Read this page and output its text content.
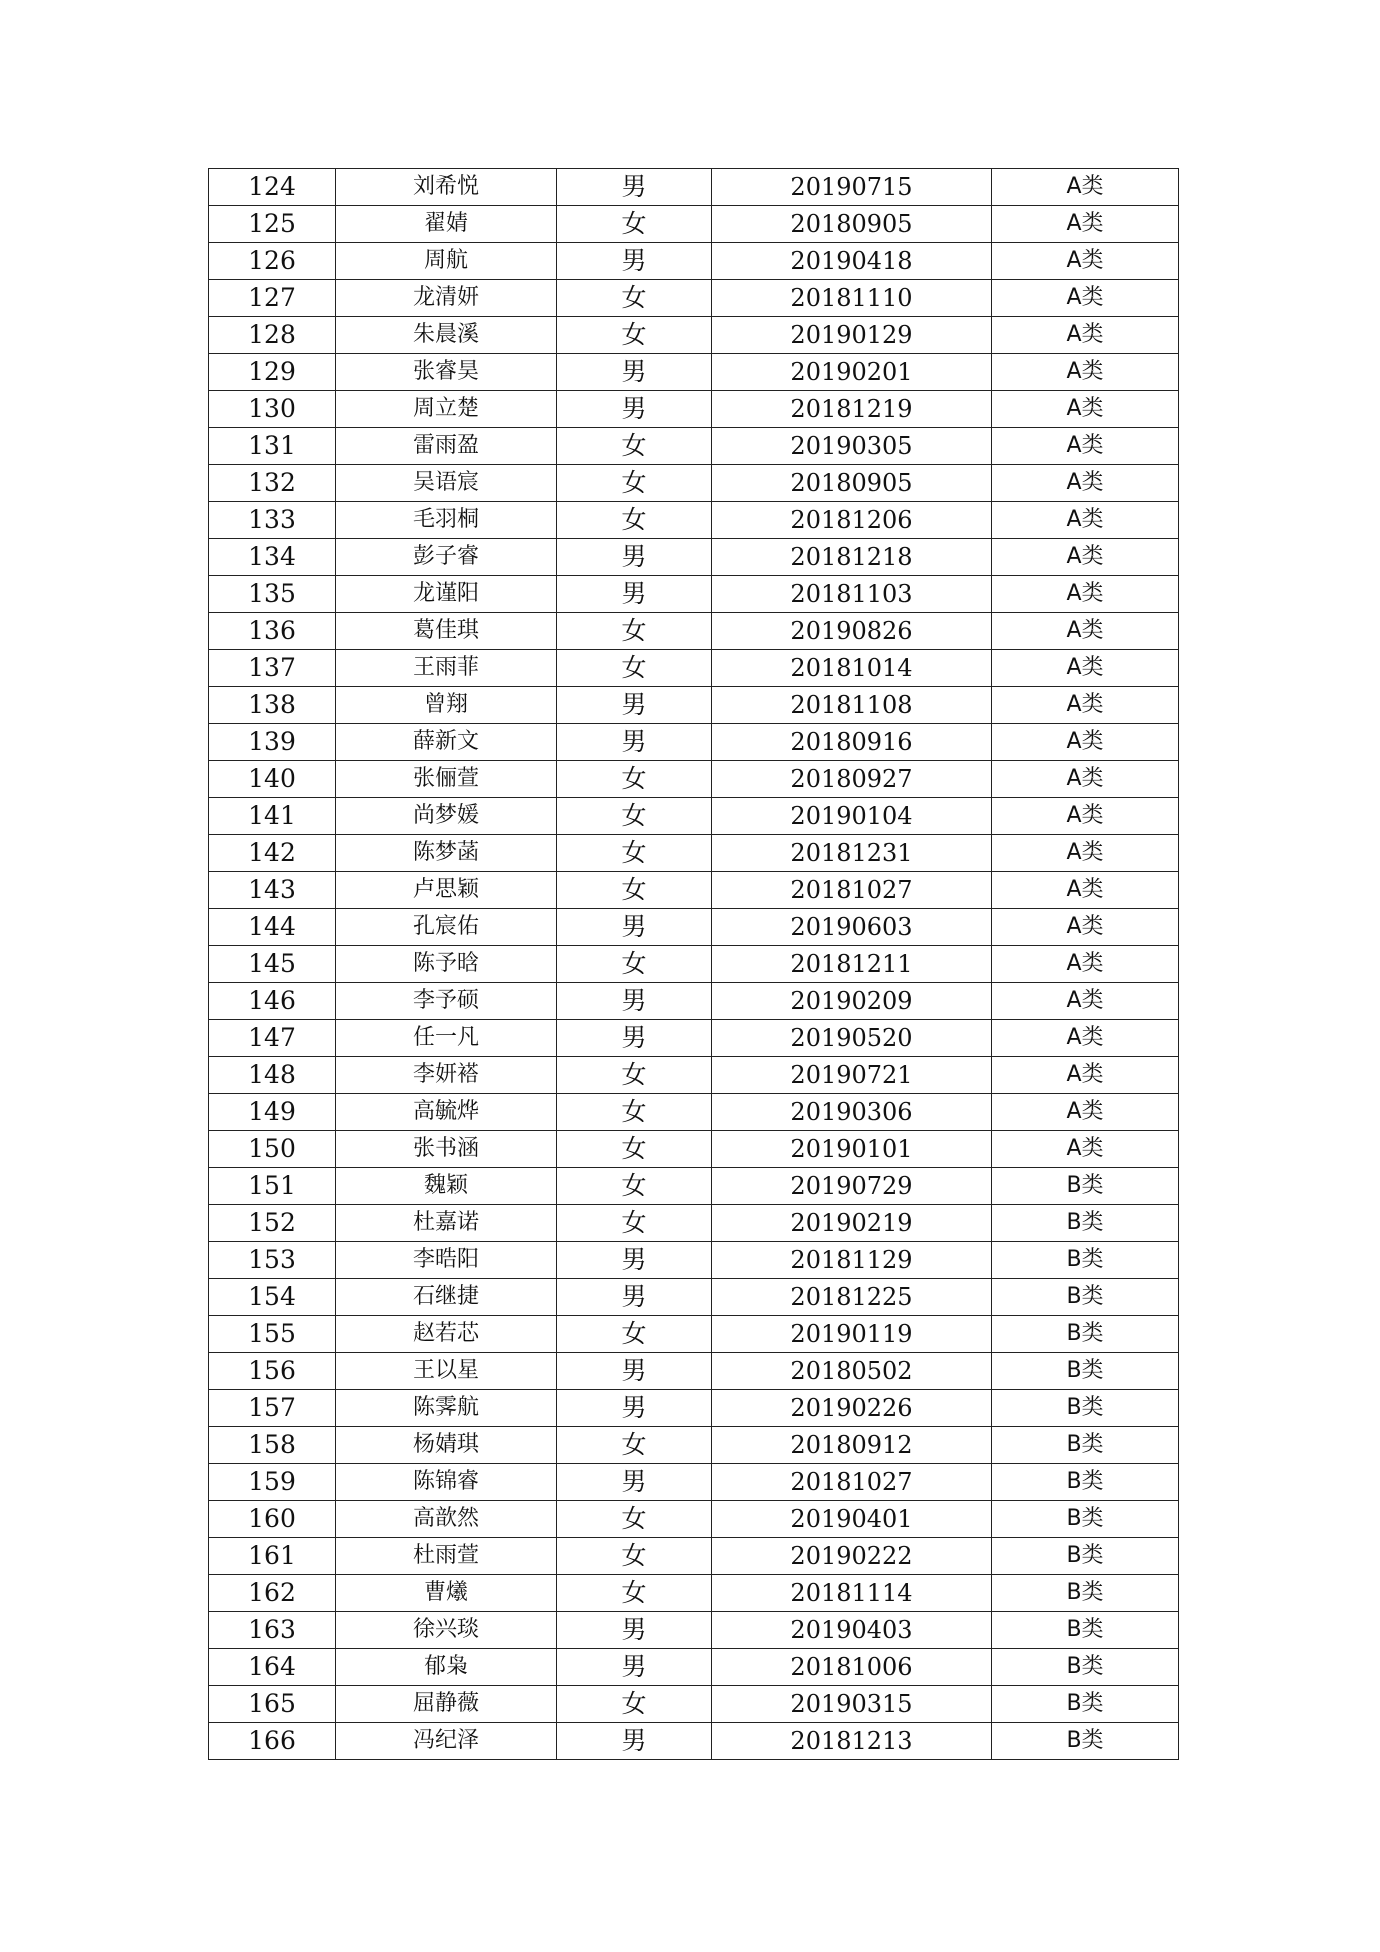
124	刘希悦	男	20190715	A类
125	翟婧	女	20180905	A类
126	周航	男	20190418	A类
127	龙清妍	女	20181110	A类
128	朱晨溪	女	20190129	A类
129	张睿昊	男	20190201	A类
130	周立楚	男	20181219	A类
131	雷雨盈	女	20190305	A类
132	吴语宸	女	20180905	A类
133	毛羽桐	女	20181206	A类
134	彭子睿	男	20181218	A类
135	龙谨阳	男	20181103	A类
136	葛佳琪	女	20190826	A类
137	王雨菲	女	20181014	A类
138	曾翔	男	20181108	A类
139	薛新文	男	20180916	A类
140	张俪萱	女	20180927	A类
141	尚梦媛	女	20190104	A类
142	陈梦菡	女	20181231	A类
143	卢思颖	女	20181027	A类
144	孔宸佑	男	20190603	A类
145	陈予晗	女	20181211	A类
146	李予硕	男	20190209	A类
147	任一凡	男	20190520	A类
148	李妍褡	女	20190721	A类
149	高毓烨	女	20190306	A类
150	张书涵	女	20190101	A类
151	魏颖	女	20190729	B类
152	杜嘉诺	女	20190219	B类
153	李晧阳	男	20181129	B类
154	石继捷	男	20181225	B类
155	赵若芯	女	20190119	B类
156	王以星	男	20180502	B类
157	陈霁航	男	20190226	B类
158	杨婧琪	女	20180912	B类
159	陈锦睿	男	20181027	B类
160	高歆然	女	20190401	B类
161	杜雨萱	女	20190222	B类
162	曹爔	女	20181114	B类
163	徐兴琰	男	20190403	B类
164	郁枭	男	20181006	B类
165	屈静薇	女	20190315	B类
166	冯纪泽	男	20181213	B类
